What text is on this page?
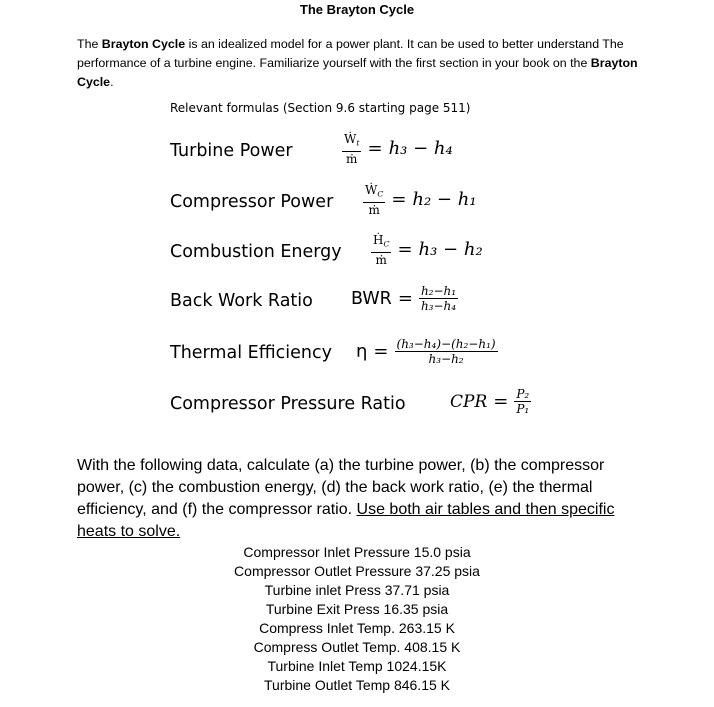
The Brayton Cycle
The Brayton Cycle is an idealized model for a power plant. It can be used to better understand The performance of a turbine engine. Familiarize yourself with the first section in your book on the Brayton Cycle.
Relevant formulas (Section 9.6 starting page 511)
Turbine Power	$\frac{Ẇ_t}{\text{ṁ}} = h_3 - h_4$
Compressor Power $\frac{Ẇ_C}{\text{ṁ}} = h_2 - h_1$
Combustion Energy $\frac{Ḣ_C}{\text{ṁ}} = h_3 - h_2$
Back Work Ratio BWR = $\frac{\text{h₂−h₁}}{\text{h₃−h₄}}$
Thermal Efficiency $\eta = \frac{\text{(h₃−h₄)−(h₂−h₁)}}{\text{h₃−h₂}}$
Compressor Pressure Ratio	CPR = $\frac{\text{P₂}}{\text{P₁}}$
With the following data, calculate (a) the turbine power, (b) the compressor power, (c) the combustion energy, (d) the back work ratio, (e) the thermal efficiency, and (f) the compressor ratio. Use both air tables and then specific heats to solve.
Compressor Inlet Pressure 15.0 psia
Compressor Outlet Pressure 37.25 psia
Turbine inlet Press 37.71 psia
Turbine Exit Press 16.35 psia
Compress Inlet Temp. 263.15 K
Compress Outlet Temp. 408.15 K
Turbine Inlet Temp 1024.15K
Turbine Outlet Temp 846.15 K
